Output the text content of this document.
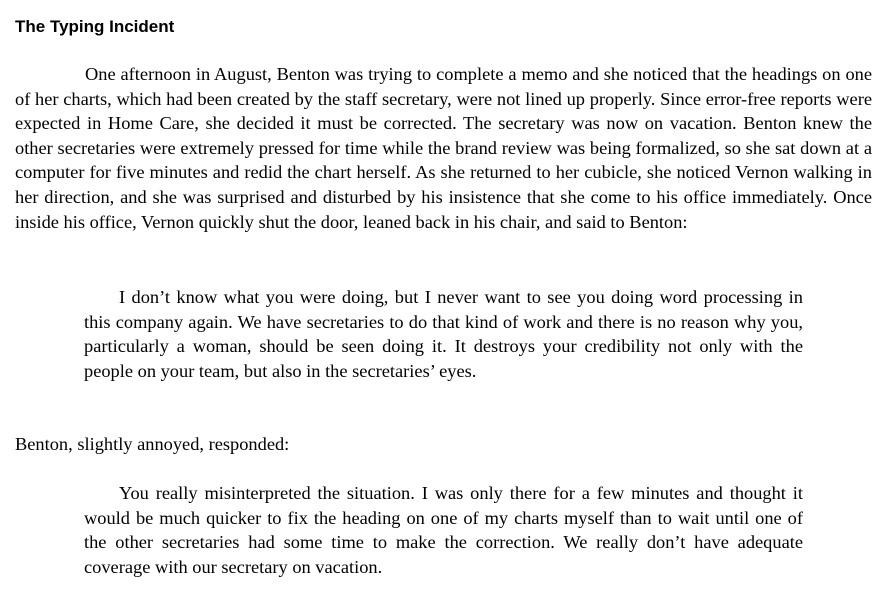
The Typing Incident

One afternoon in August, Benton was trying to complete a memo and she noticed that the headings on one of her charts, which had been created by the staff secretary, were not lined up properly. Since error-free reports were expected in Home Care, she decided it must be corrected. The secretary was now on vacation. Benton knew the other secretaries were extremely pressed for time while the brand review was being formalized, so she sat down at a computer for five minutes and redid the chart herself. As she returned to her cubicle, she noticed Vernon walking in her direction, and she was surprised and disturbed by his insistence that she come to his office immediately. Once inside his office, Vernon quickly shut the door, leaned back in his chair, and said to Benton:

I don’t know what you were doing, but I never want to see you doing word processing in this company again. We have secretaries to do that kind of work and there is no reason why you, particularly a woman, should be seen doing it. It destroys your credibility not only with the people on your team, but also in the secretaries’ eyes.

Benton, slightly annoyed, responded:

You really misinterpreted the situation. I was only there for a few minutes and thought it would be much quicker to fix the heading on one of my charts myself than to wait until one of the other secretaries had some time to make the correction. We really don’t have adequate coverage with our secretary on vacation.
